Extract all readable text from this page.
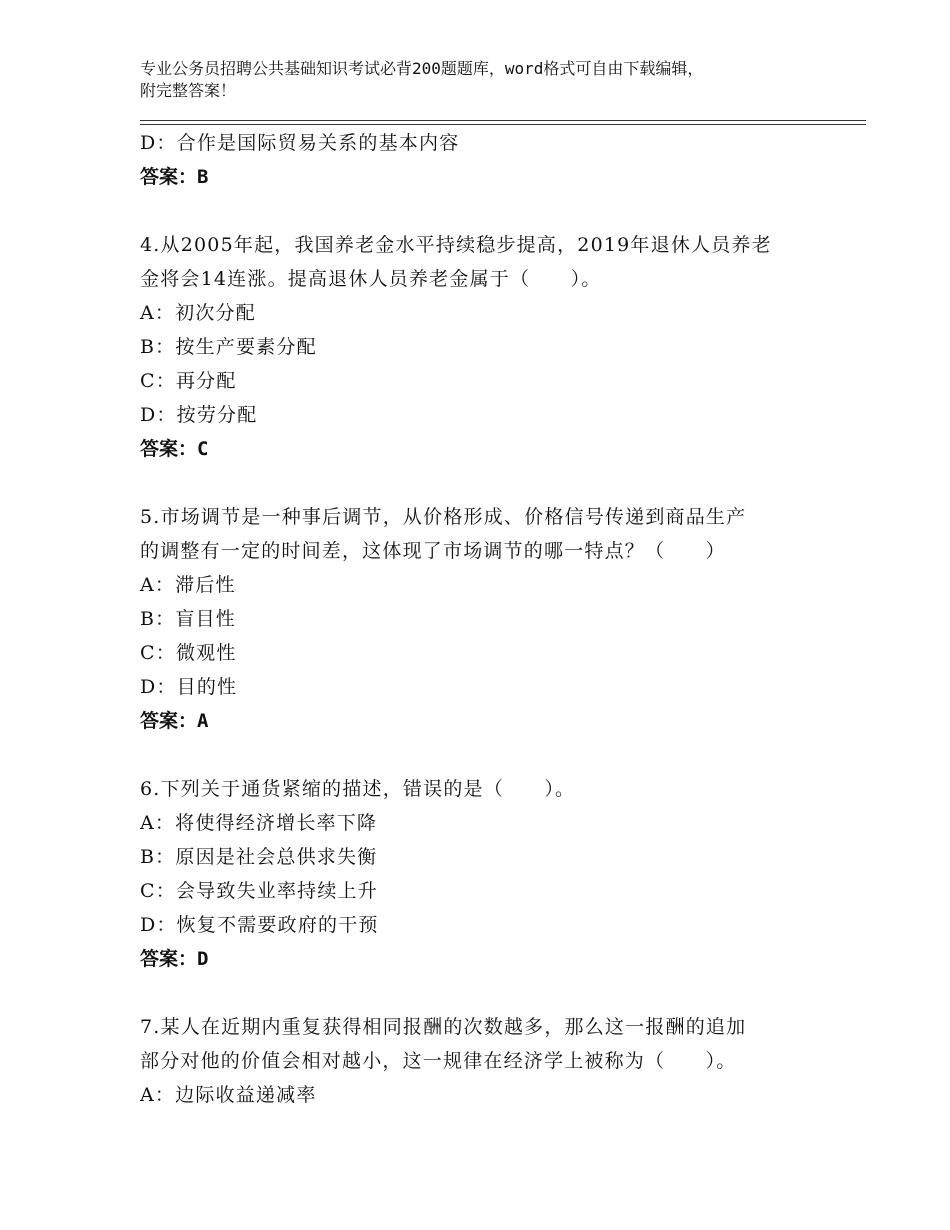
专业公务员招聘公共基础知识考试必背200题题库，word格式可自由下载编辑，
附完整答案！
D：合作是国际贸易关系的基本内容
答案：B
4.从2005年起，我国养老金水平持续稳步提高，2019年退休人员养老
金将会14连涨。提高退休人员养老金属于（　　）。
A：初次分配
B：按生产要素分配
C：再分配
D：按劳分配
答案：C
5.市场调节是一种事后调节，从价格形成、价格信号传递到商品生产
的调整有一定的时间差，这体现了市场调节的哪一特点？（　　）
A：滞后性
B：盲目性
C：微观性
D：目的性
答案：A
6.下列关于通货紧缩的描述，错误的是（　　）。
A：将使得经济增长率下降
B：原因是社会总供求失衡
C：会导致失业率持续上升
D：恢复不需要政府的干预
答案：D
7.某人在近期内重复获得相同报酬的次数越多，那么这一报酬的追加
部分对他的价值会相对越小，这一规律在经济学上被称为（　　）。
A：边际收益递减率
